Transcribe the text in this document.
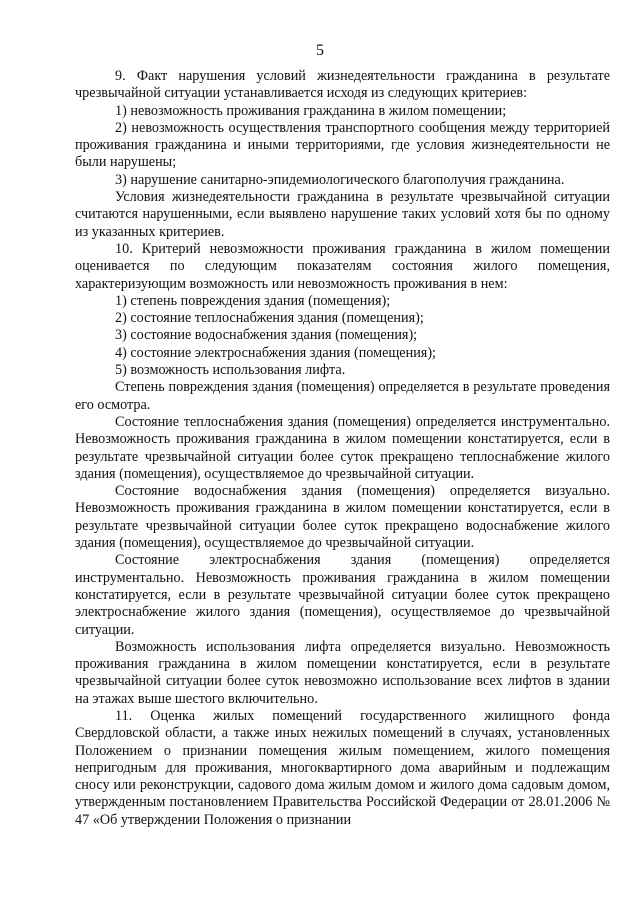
5

9. Факт нарушения условий жизнедеятельности гражданина в результате чрезвычайной ситуации устанавливается исходя из следующих критериев:

1) невозможность проживания гражданина в жилом помещении;

2) невозможность осуществления транспортного сообщения между территорией проживания гражданина и иными территориями, где условия жизнедеятельности не были нарушены;

3) нарушение санитарно-эпидемиологического благополучия гражданина.

Условия жизнедеятельности гражданина в результате чрезвычайной ситуации считаются нарушенными, если выявлено нарушение таких условий хотя бы по одному из указанных критериев.

10. Критерий невозможности проживания гражданина в жилом помещении оценивается по следующим показателям состояния жилого помещения, характеризующим возможность или невозможность проживания в нем:

1) степень повреждения здания (помещения);

2) состояние теплоснабжения здания (помещения);

3) состояние водоснабжения здания (помещения);

4) состояние электроснабжения здания (помещения);

5) возможность использования лифта.

Степень повреждения здания (помещения) определяется в результате проведения его осмотра.

Состояние теплоснабжения здания (помещения) определяется инструментально. Невозможность проживания гражданина в жилом помещении констатируется, если в результате чрезвычайной ситуации более суток прекращено теплоснабжение жилого здания (помещения), осуществляемое до чрезвычайной ситуации.

Состояние водоснабжения здания (помещения) определяется визуально. Невозможность проживания гражданина в жилом помещении констатируется, если в результате чрезвычайной ситуации более суток прекращено водоснабжение жилого здания (помещения), осуществляемое до чрезвычайной ситуации.

Состояние электроснабжения здания (помещения) определяется инструментально. Невозможность проживания гражданина в жилом помещении констатируется, если в результате чрезвычайной ситуации более суток прекращено электроснабжение жилого здания (помещения), осуществляемое до чрезвычайной ситуации.

Возможность использования лифта определяется визуально. Невозможность проживания гражданина в жилом помещении констатируется, если в результате чрезвычайной ситуации более суток невозможно использование всех лифтов в здании на этажах выше шестого включительно.

11. Оценка жилых помещений государственного жилищного фонда Свердловской области, а также иных нежилых помещений в случаях, установленных Положением о признании помещения жилым помещением, жилого помещения непригодным для проживания, многоквартирного дома аварийным и подлежащим сносу или реконструкции, садового дома жилым домом и жилого дома садовым домом, утвержденным постановлением Правительства Российской Федерации от 28.01.2006 № 47 «Об утверждении Положения о признании
